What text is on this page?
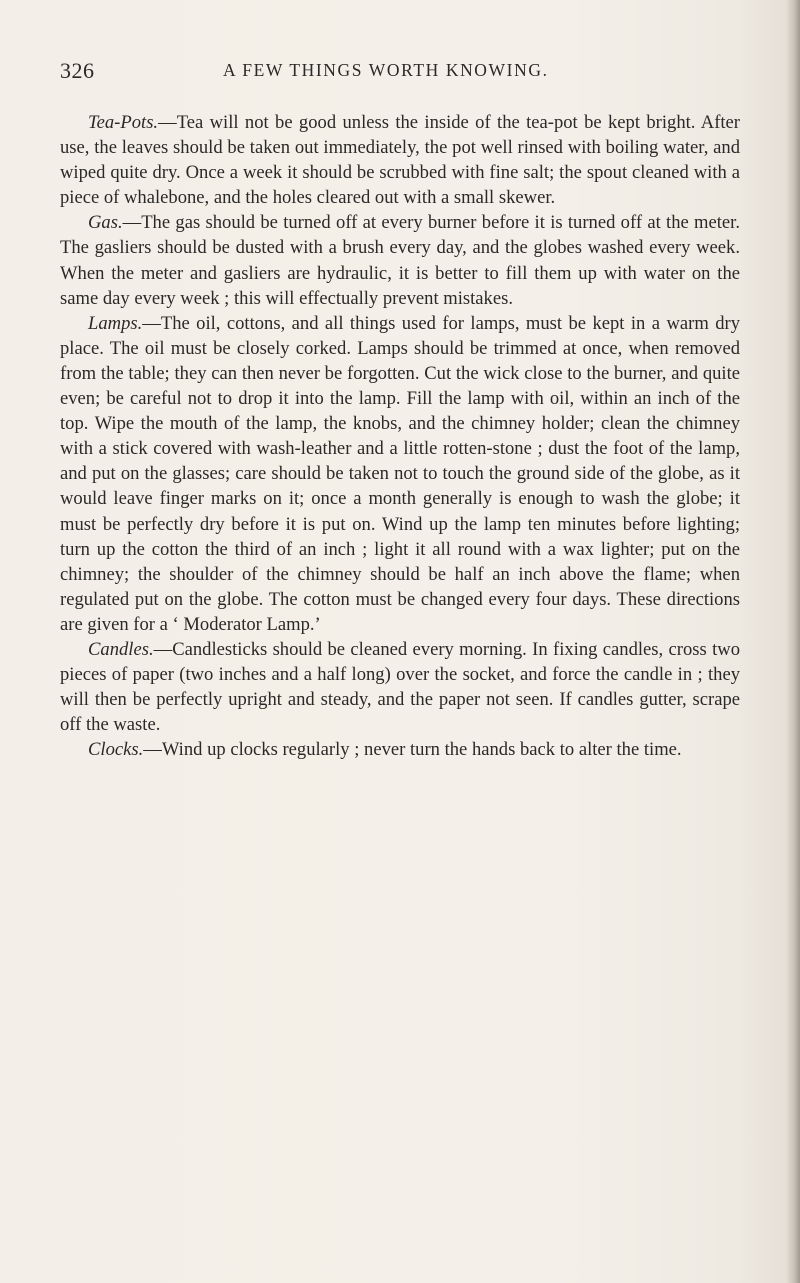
326	A FEW THINGS WORTH KNOWING.

Tea-Pots.—Tea will not be good unless the inside of the tea-pot be kept bright. After use, the leaves should be taken out immediately, the pot well rinsed with boiling water, and wiped quite dry. Once a week it should be scrubbed with fine salt; the spout cleaned with a piece of whalebone, and the holes cleared out with a small skewer.

Gas.—The gas should be turned off at every burner before it is turned off at the meter. The gasliers should be dusted with a brush every day, and the globes washed every week. When the meter and gasliers are hydraulic, it is better to fill them up with water on the same day every week ; this will effectually prevent mistakes.

Lamps.—The oil, cottons, and all things used for lamps, must be kept in a warm dry place. The oil must be closely corked. Lamps should be trimmed at once, when removed from the table; they can then never be forgotten. Cut the wick close to the burner, and quite even; be careful not to drop it into the lamp. Fill the lamp with oil, within an inch of the top. Wipe the mouth of the lamp, the knobs, and the chimney holder; clean the chimney with a stick covered with wash-leather and a little rotten-stone ; dust the foot of the lamp, and put on the glasses; care should be taken not to touch the ground side of the globe, as it would leave finger marks on it; once a month generally is enough to wash the globe; it must be perfectly dry before it is put on. Wind up the lamp ten minutes before lighting; turn up the cotton the third of an inch ; light it all round with a wax lighter; put on the chimney; the shoulder of the chimney should be half an inch above the flame; when regulated put on the globe. The cotton must be changed every four days. These directions are given for a ‘ Moderator Lamp.’

Candles.—Candlesticks should be cleaned every morning. In fixing candles, cross two pieces of paper (two inches and a half long) over the socket, and force the candle in ; they will then be perfectly upright and steady, and the paper not seen. If candles gutter, scrape off the waste.

Clocks.—Wind up clocks regularly ; never turn the hands back to alter the time.
